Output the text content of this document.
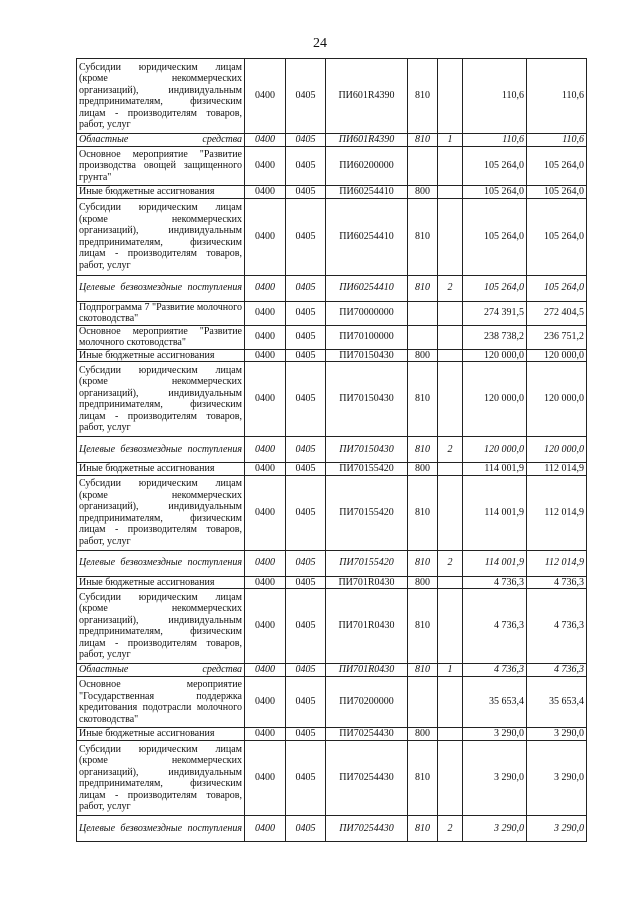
24
Субсидии юридическим лицам (кроме некоммерческих организаций), индивидуальным предпринимателям, физическим лицам - производителям товаров, работ, услуг	0400	0405	ПИ601R4390	810		110,6	110,6
Областные средства	0400	0405	ПИ601R4390	810	1	110,6	110,6
Основное мероприятие "Развитие производства овощей защищенного грунта"	0400	0405	ПИ60200000			105 264,0	105 264,0
Иные бюджетные ассигнования	0400	0405	ПИ60254410	800		105 264,0	105 264,0
Субсидии юридическим лицам (кроме некоммерческих организаций), индивидуальным предпринимателям, физическим лицам - производителям товаров, работ, услуг	0400	0405	ПИ60254410	810		105 264,0	105 264,0
Целевые безвозмездные поступления	0400	0405	ПИ60254410	810	2	105 264,0	105 264,0
Подпрограмма 7 "Развитие молочного скотоводства"	0400	0405	ПИ70000000			274 391,5	272 404,5
Основное мероприятие "Развитие молочного скотоводства"	0400	0405	ПИ70100000			238 738,2	236 751,2
Иные бюджетные ассигнования	0400	0405	ПИ70150430	800		120 000,0	120 000,0
Субсидии юридическим лицам (кроме некоммерческих организаций), индивидуальным предпринимателям, физическим лицам - производителям товаров, работ, услуг	0400	0405	ПИ70150430	810		120 000,0	120 000,0
Целевые безвозмездные поступления	0400	0405	ПИ70150430	810	2	120 000,0	120 000,0
Иные бюджетные ассигнования	0400	0405	ПИ70155420	800		114 001,9	112 014,9
Субсидии юридическим лицам (кроме некоммерческих организаций), индивидуальным предпринимателям, физическим лицам - производителям товаров, работ, услуг	0400	0405	ПИ70155420	810		114 001,9	112 014,9
Целевые безвозмездные поступления	0400	0405	ПИ70155420	810	2	114 001,9	112 014,9
Иные бюджетные ассигнования	0400	0405	ПИ701R0430	800		4 736,3	4 736,3
Субсидии юридическим лицам (кроме некоммерческих организаций), индивидуальным предпринимателям, физическим лицам - производителям товаров, работ, услуг	0400	0405	ПИ701R0430	810		4 736,3	4 736,3
Областные средства	0400	0405	ПИ701R0430	810	1	4 736,3	4 736,3
Основное мероприятие "Государственная поддержка кредитования подотрасли молочного скотоводства"	0400	0405	ПИ70200000			35 653,4	35 653,4
Иные бюджетные ассигнования	0400	0405	ПИ70254430	800		3 290,0	3 290,0
Субсидии юридическим лицам (кроме некоммерческих организаций), индивидуальным предпринимателям, физическим лицам - производителям товаров, работ, услуг	0400	0405	ПИ70254430	810		3 290,0	3 290,0
Целевые безвозмездные поступления	0400	0405	ПИ70254430	810	2	3 290,0	3 290,0
